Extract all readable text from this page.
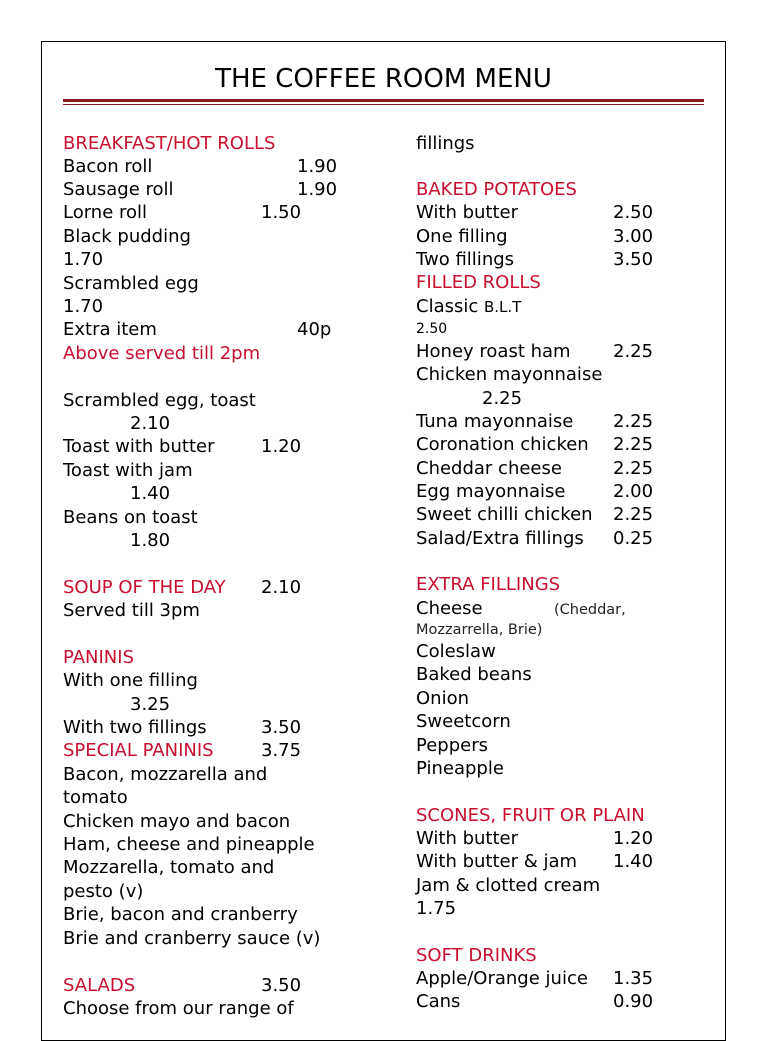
THE COFFEE ROOM MENU
BREAKFAST/HOT ROLLS
Bacon roll	1.90
Sausage roll	1.90
Lorne roll	1.50
Black pudding
1.70
Scrambled egg
1.70
Extra item	40p
Above served till 2pm
Scrambled egg, toast
2.10
Toast with butter	1.20
Toast with jam
1.40
Beans on toast
1.80
SOUP OF THE DAY 2.10
Served till 3pm
PANINIS
With one filling
3.25
With two fillings	3.50
SPECIAL PANINIS	3.75
Bacon, mozzarella and
tomato
Chicken mayo and bacon
Ham, cheese and pineapple
Mozzarella, tomato and
pesto (v)
Brie, bacon and cranberry
Brie and cranberry sauce (v)
SALADS	3.50
Choose from our range of
fillings
BAKED POTATOES
With butter	2.50
One filling	3.00
Two fillings	3.50
FILLED ROLLS
Classic B.L.T
2.50
Honey roast ham 2.25
Chicken mayonnaise
2.25
Tuna mayonnaise 2.25
Coronation chicken 2.25
Cheddar cheese	2.25
Egg mayonnaise	2.00
Sweet chilli chicken 2.25
Salad/Extra fillings 0.25
EXTRA FILLINGS
Cheese	(Cheddar,
Mozzarrella, Brie)
Coleslaw
Baked beans
Onion
Sweetcorn
Peppers
Pineapple
SCONES, FRUIT OR PLAIN
With butter	1.20
With butter & jam 1.40
Jam & clotted cream
1.75
SOFT DRINKS
Apple/Orange juice 1.35
Cans	0.90
